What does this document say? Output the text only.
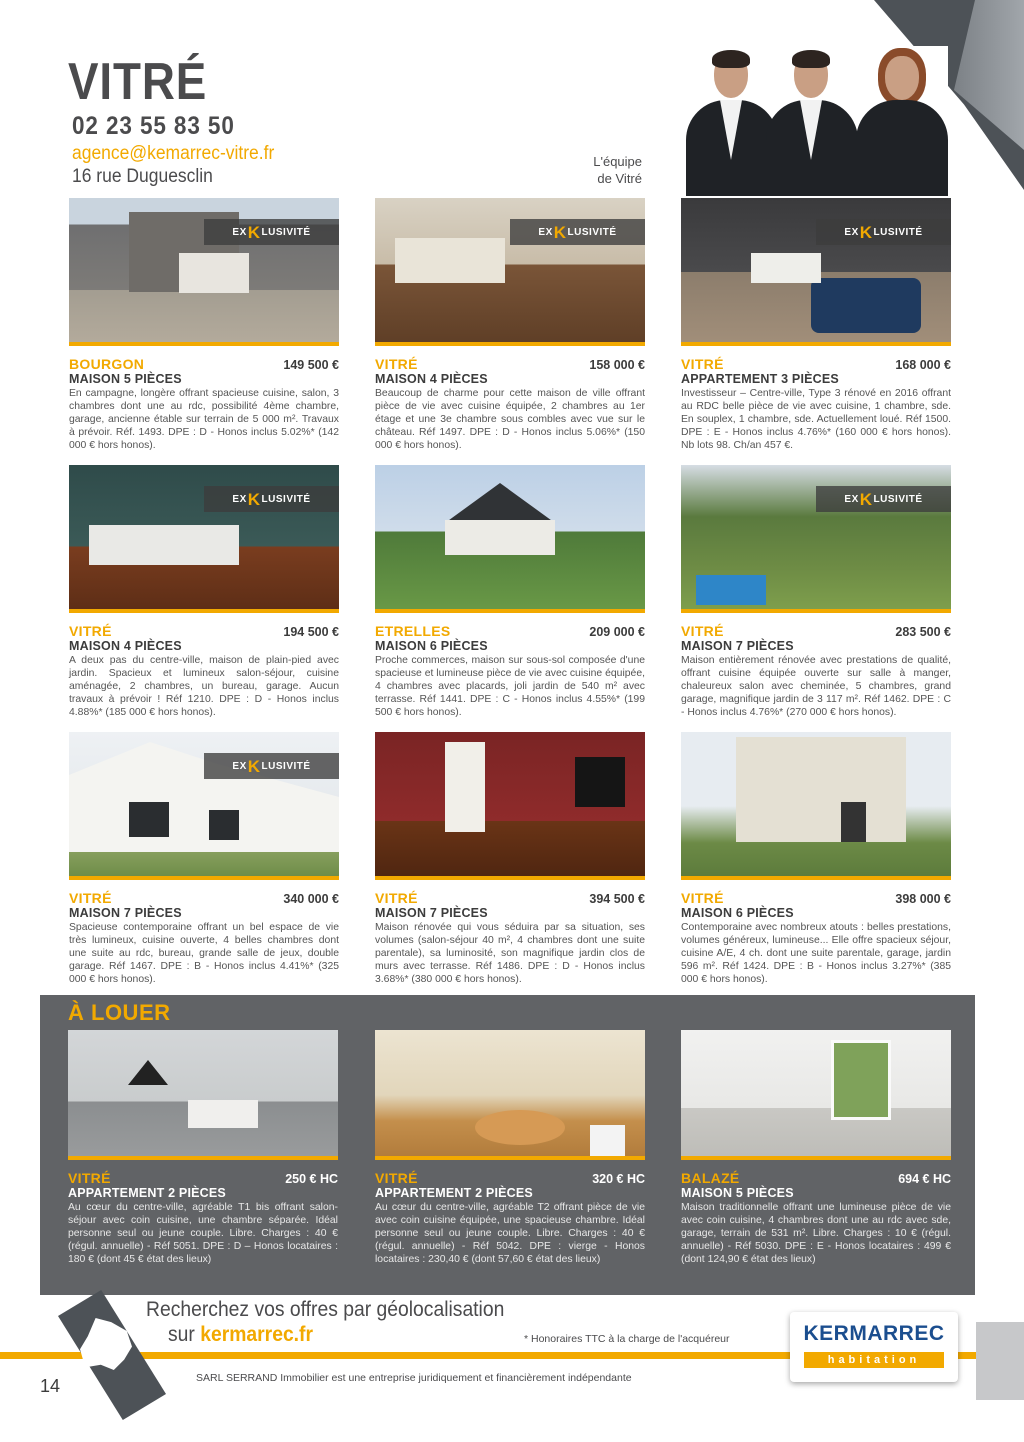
VITRÉ
02 23 55 83 50
agence@kemarrec-vitre.fr
16 rue Duguesclin
L'équipe
de Vitré
EX K LUSIVITÉ
BOURGON	149 500 €
MAISON 5 PIÈCES
En campagne, longère offrant spacieuse cuisine, salon, 3 chambres dont une au rdc, possibilité 4ème chambre, garage, ancienne étable sur terrain de 5 000 m². Travaux à prévoir. Réf. 1493. DPE : D - Honos inclus 5.02%* (142 000 € hors honos).
EX K LUSIVITÉ
VITRÉ	158 000 €
MAISON 4 PIÈCES
Beaucoup de charme pour cette maison de ville offrant pièce de vie avec cuisine équipée, 2 chambres au 1er étage et une 3e chambre sous combles avec vue sur le château. Réf 1497. DPE : D - Honos inclus 5.06%* (150 000 € hors honos).
EX K LUSIVITÉ
VITRÉ	168 000 €
APPARTEMENT 3 PIÈCES
Investisseur – Centre-ville, Type 3 rénové en 2016 offrant au RDC belle pièce de vie avec cuisine, 1 chambre, sde. En souplex, 1 chambre, sde. Actuellement loué. Réf 1500. DPE : E - Honos inclus 4.76%* (160 000 € hors honos). Nb lots 98. Ch/an 457 €.
EX K LUSIVITÉ
VITRÉ	194 500 €
MAISON 4 PIÈCES
A deux pas du centre-ville, maison de plain-pied avec jardin. Spacieux et lumineux salon-séjour, cuisine aménagée, 2 chambres, un bureau, garage. Aucun travaux à prévoir ! Réf 1210. DPE : D - Honos inclus 4.88%* (185 000 € hors honos).
ETRELLES	209 000 €
MAISON 6 PIÈCES
Proche commerces, maison sur sous-sol composée d'une spacieuse et lumineuse pièce de vie avec cuisine équipée, 4 chambres avec placards, joli jardin de 540 m² avec terrasse. Réf 1441. DPE : C - Honos inclus 4.55%* (199 500 € hors honos).
EX K LUSIVITÉ
VITRÉ	283 500 €
MAISON 7 PIÈCES
Maison entièrement rénovée avec prestations de qualité, offrant cuisine équipée ouverte sur salle à manger, chaleureux salon avec cheminée, 5 chambres, grand garage, magnifique jardin de 3 117 m². Réf 1462. DPE : C - Honos inclus 4.76%* (270 000 € hors honos).
EX K LUSIVITÉ
VITRÉ	340 000 €
MAISON 7 PIÈCES
Spacieuse contemporaine offrant un bel espace de vie très lumineux, cuisine ouverte, 4 belles chambres dont une suite au rdc, bureau, grande salle de jeux, double garage. Réf 1467. DPE : B - Honos inclus 4.41%* (325 000 € hors honos).
VITRÉ	394 500 €
MAISON 7 PIÈCES
Maison rénovée qui vous séduira par sa situation, ses volumes (salon-séjour 40 m², 4 chambres dont une suite parentale), sa luminosité, son magnifique jardin clos de murs avec terrasse. Réf 1486. DPE : D - Honos inclus 3.68%* (380 000 € hors honos).
VITRÉ	398 000 €
MAISON 6 PIÈCES
Contemporaine avec nombreux atouts : belles prestations, volumes généreux, lumineuse... Elle offre spacieux séjour, cuisine A/E, 4 ch. dont une suite parentale, garage, jardin 596 m². Réf 1424. DPE : B - Honos inclus 3.27%* (385 000 € hors honos).
À LOUER
VITRÉ	250 € HC
APPARTEMENT 2 PIÈCES
Au cœur du centre-ville, agréable T1 bis offrant salon-séjour avec coin cuisine, une chambre séparée. Idéal personne seul ou jeune couple. Libre. Charges : 40 € (régul. annuelle) - Réf 5051. DPE : D – Honos locataires : 180 € (dont 45 € état des lieux)
VITRÉ	320 € HC
APPARTEMENT 2 PIÈCES
Au cœur du centre-ville, agréable T2 offrant pièce de vie avec coin cuisine équipée, une spacieuse chambre. Idéal personne seul ou jeune couple. Libre. Charges : 40 € (régul. annuelle) - Réf 5042. DPE : vierge - Honos locataires : 230,40 € (dont 57,60 € état des lieux)
BALAZÉ	694 € HC
MAISON 5 PIÈCES
Maison traditionnelle offrant une lumineuse pièce de vie avec coin cuisine, 4 chambres dont une au rdc avec sde, garage, terrain de 531 m². Libre. Charges : 10 € (régul. annuelle) - Réf 5030. DPE : E - Honos locataires : 499 € (dont 124,90 € état des lieux)
Recherchez vos offres par géolocalisation
sur kermarrec.fr	* Honoraires TTC à la charge de l'acquéreur	KERMARREC
habitation
14	SARL SERRAND Immobilier est une entreprise juridiquement et financièrement indépendante
